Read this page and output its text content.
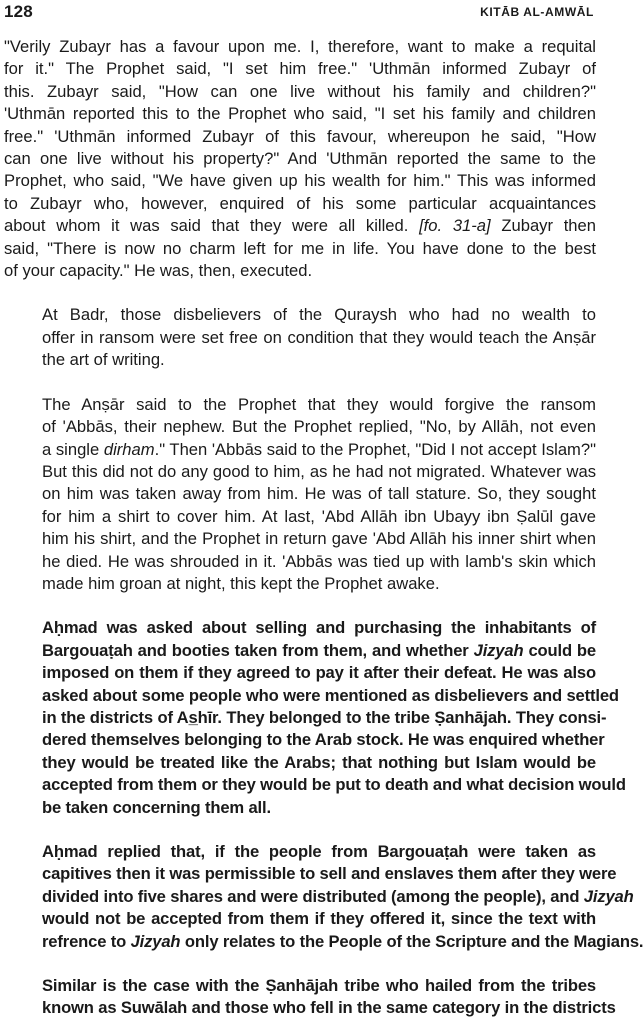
128	KITĀB AL-AMWĀL

"Verily Zubayr has a favour upon me. I, therefore, want to make a requital
for it." The Prophet said, "I set him free." 'Uthmān informed Zubayr of
this. Zubayr said, "How can one live without his family and children?"
'Uthmān reported this to the Prophet who said, "I set his family and children
free." 'Uthmān informed Zubayr of this favour, whereupon he said, "How
can one live without his property?" And 'Uthmān reported the same to the
Prophet, who said, "We have given up his wealth for him." This was informed
to Zubayr who, however, enquired of his some particular acquaintances
about whom it was said that they were all killed. [fo. 31-a] Zubayr then
said, "There is now no charm left for me in life. You have done to the best
of your capacity." He was, then, executed.

At Badr, those disbelievers of the Quraysh who had no wealth to
offer in ransom were set free on condition that they would teach the Anṣār
the art of writing.

The Anṣār said to the Prophet that they would forgive the ransom
of 'Abbās, their nephew. But the Prophet replied, "No, by Allāh, not even
a single dirham." Then 'Abbās said to the Prophet, "Did I not accept Islam?"
But this did not do any good to him, as he had not migrated. Whatever was
on him was taken away from him. He was of tall stature. So, they sought
for him a shirt to cover him. At last, 'Abd Allāh ibn Ubayy ibn Ṣalūl gave
him his shirt, and the Prophet in return gave 'Abd Allāh his inner shirt when
he died. He was shrouded in it. 'Abbās was tied up with lamb's skin which
made him groan at night, this kept the Prophet awake.

Aḥmad was asked about selling and purchasing the inhabitants of
Bargouaṭah and booties taken from them, and whether Jizyah could be
imposed on them if they agreed to pay it after their defeat. He was also
asked about some people who were mentioned as disbelievers and settled
in the districts of As̲hīr. They belonged to the tribe Ṣanhājah. They consi-
dered themselves belonging to the Arab stock. He was enquired whether
they would be treated like the Arabs; that nothing but Islam would be
accepted from them or they would be put to death and what decision would
be taken concerning them all.

Aḥmad replied that, if the people from Bargouaṭah were taken as
capitives then it was permissible to sell and enslaves them after they were
divided into five shares and were distributed (among the people), and Jizyah
would not be accepted from them if they offered it, since the text with
refrence to Jizyah only relates to the People of the Scripture and the Magians.

Similar is the case with the Ṣanhājah tribe who hailed from the tribes
known as Suwālah and those who fell in the same category in the districts
